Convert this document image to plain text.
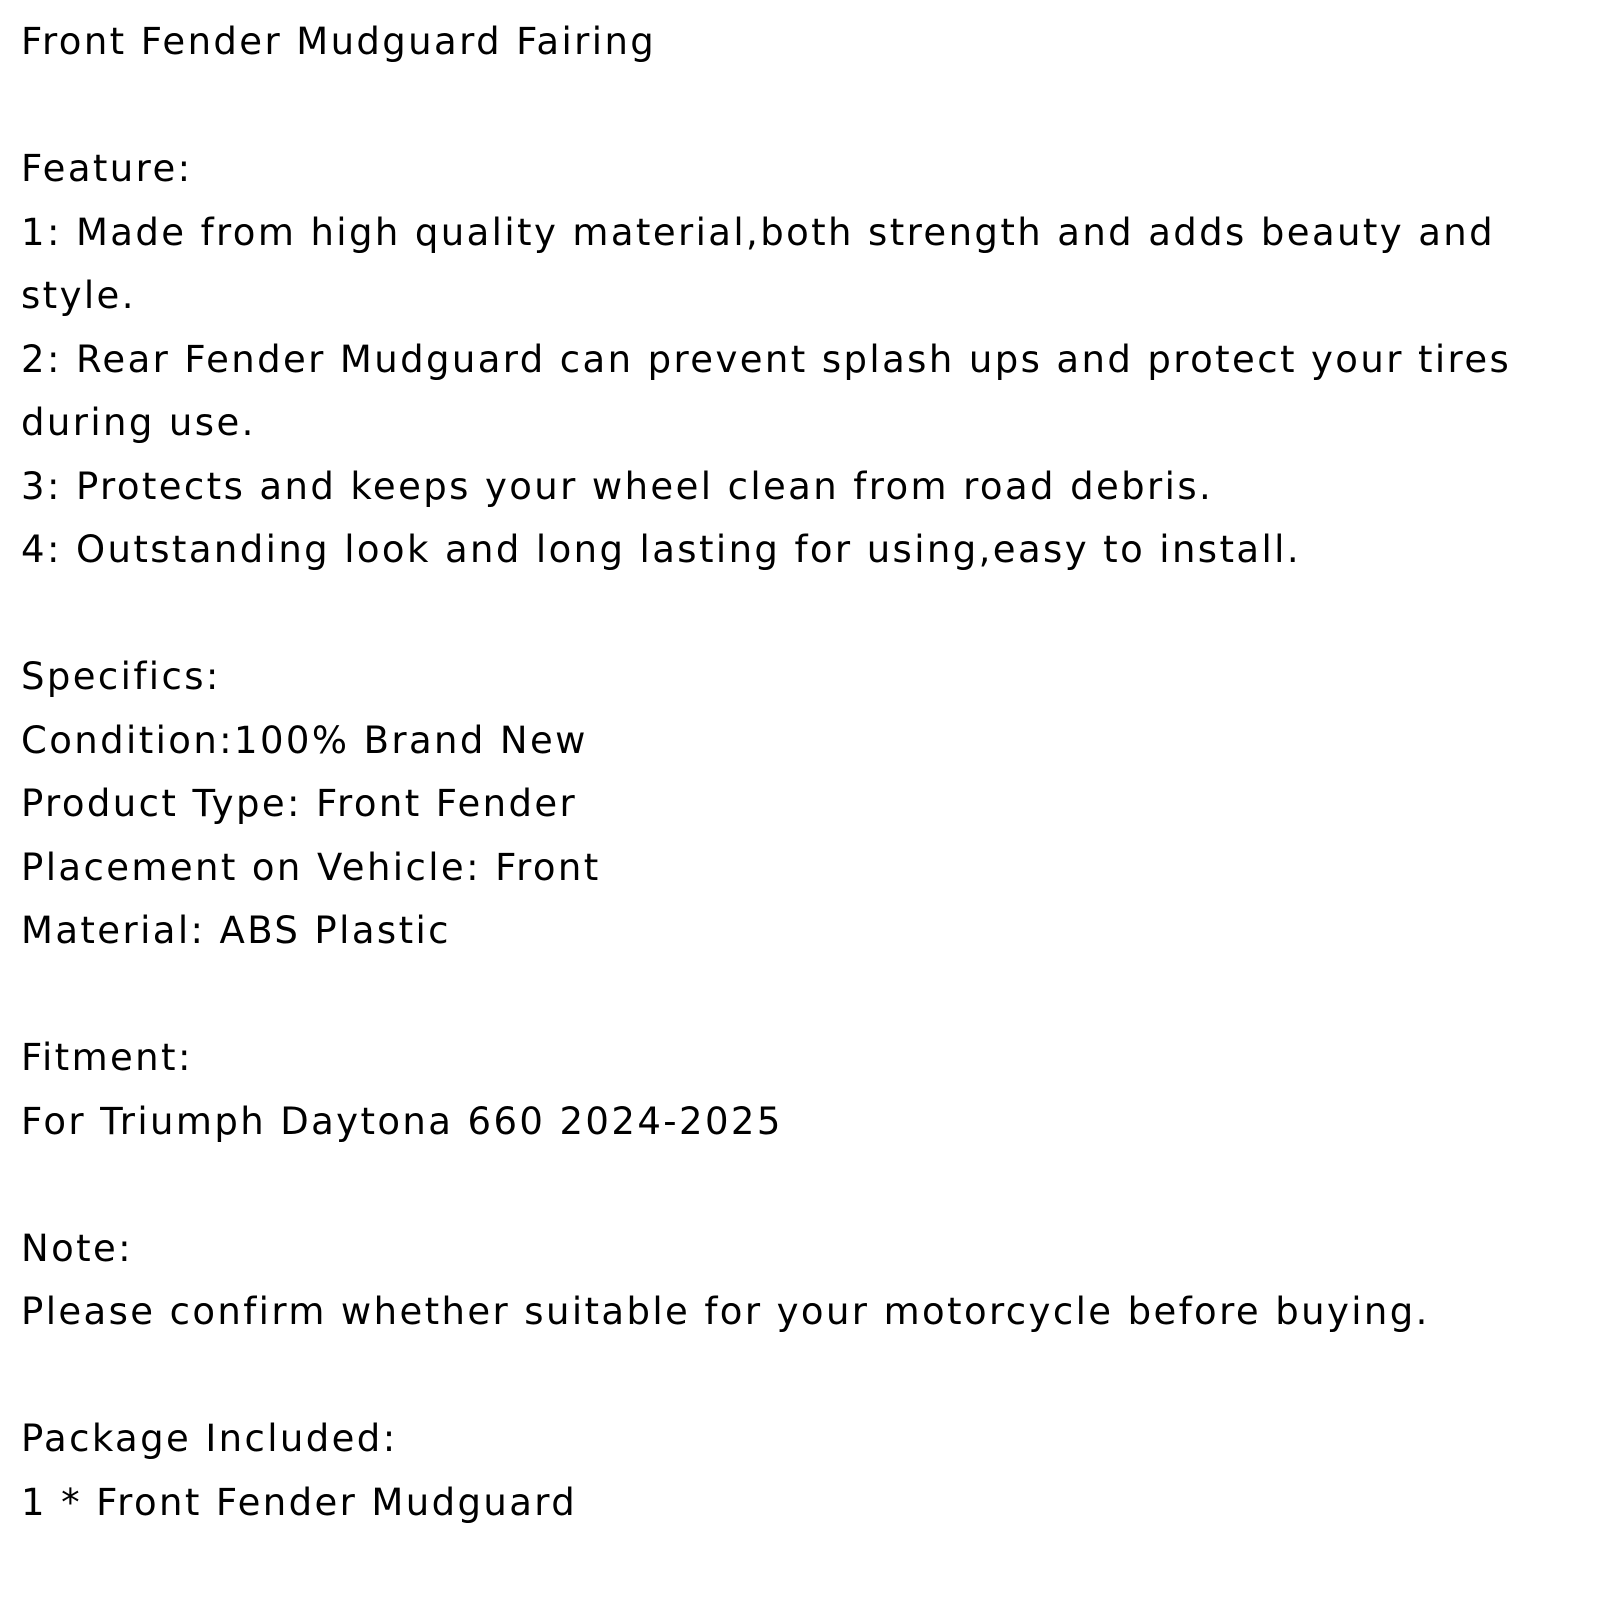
Front Fender Mudguard Fairing
Feature:
1: Made from high quality material,both strength and adds beauty and style.
2: Rear Fender Mudguard can prevent splash ups and protect your tires during use.
3: Protects and keeps your wheel clean from road debris.
4: Outstanding look and long lasting for using,easy to install.
Specifics:
Condition:100% Brand New
Product Type: Front Fender
Placement on Vehicle: Front
Material: ABS Plastic
Fitment:
For Triumph Daytona 660 2024-2025
Note:
Please confirm whether suitable for your motorcycle before buying.
Package Included:
1 * Front Fender Mudguard
